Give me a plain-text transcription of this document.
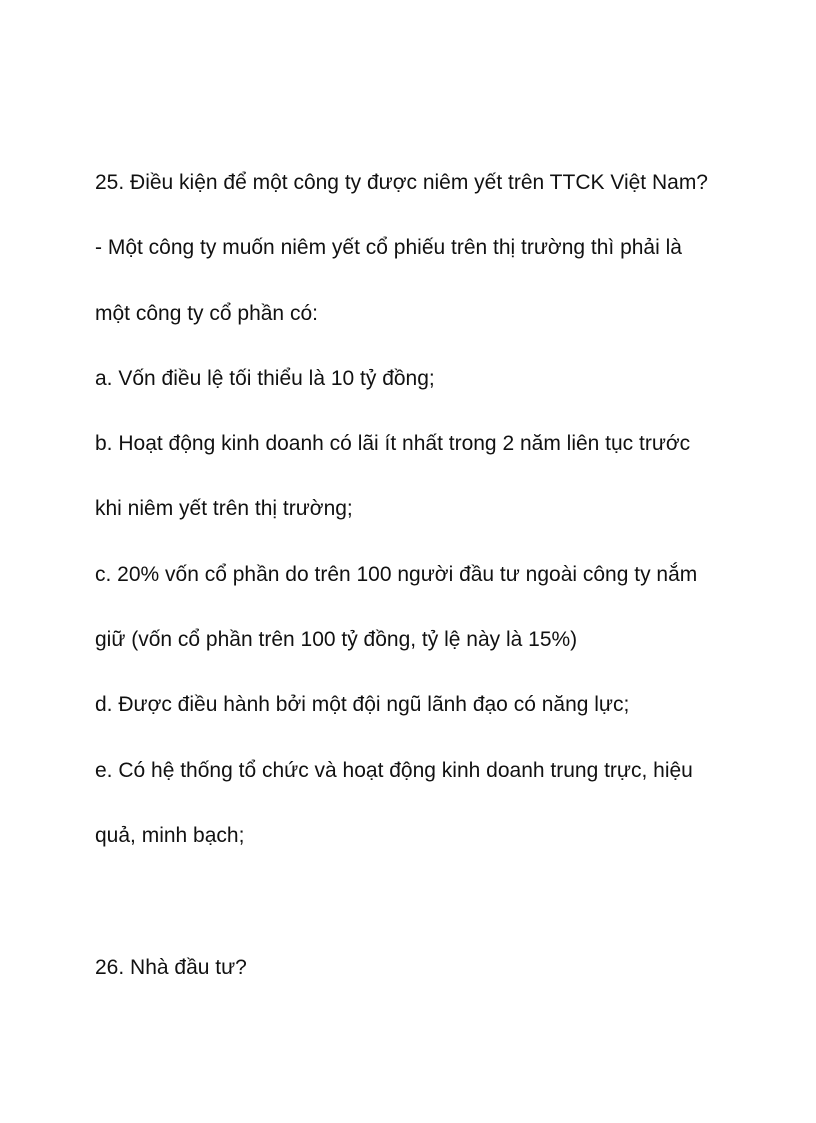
25. Điều kiện để một công ty được niêm yết trên TTCK Việt Nam?
- Một công ty muốn niêm yết cổ phiếu trên thị trường thì phải là
một công ty cổ phần có:
a. Vốn điều lệ tối thiểu là 10 tỷ đồng;
b. Hoạt động kinh doanh có lãi ít nhất trong 2 năm liên tục trước
khi niêm yết trên thị trường;
c. 20% vốn cổ phần do trên 100 người đầu tư ngoài công ty nắm
giữ (vốn cổ phần trên 100 tỷ đồng, tỷ lệ này là 15%)
d. Được điều hành bởi một đội ngũ lãnh đạo có năng lực;
e. Có hệ thống tổ chức và hoạt động kinh doanh trung trực, hiệu
quả, minh bạch;
26. Nhà đầu tư?
